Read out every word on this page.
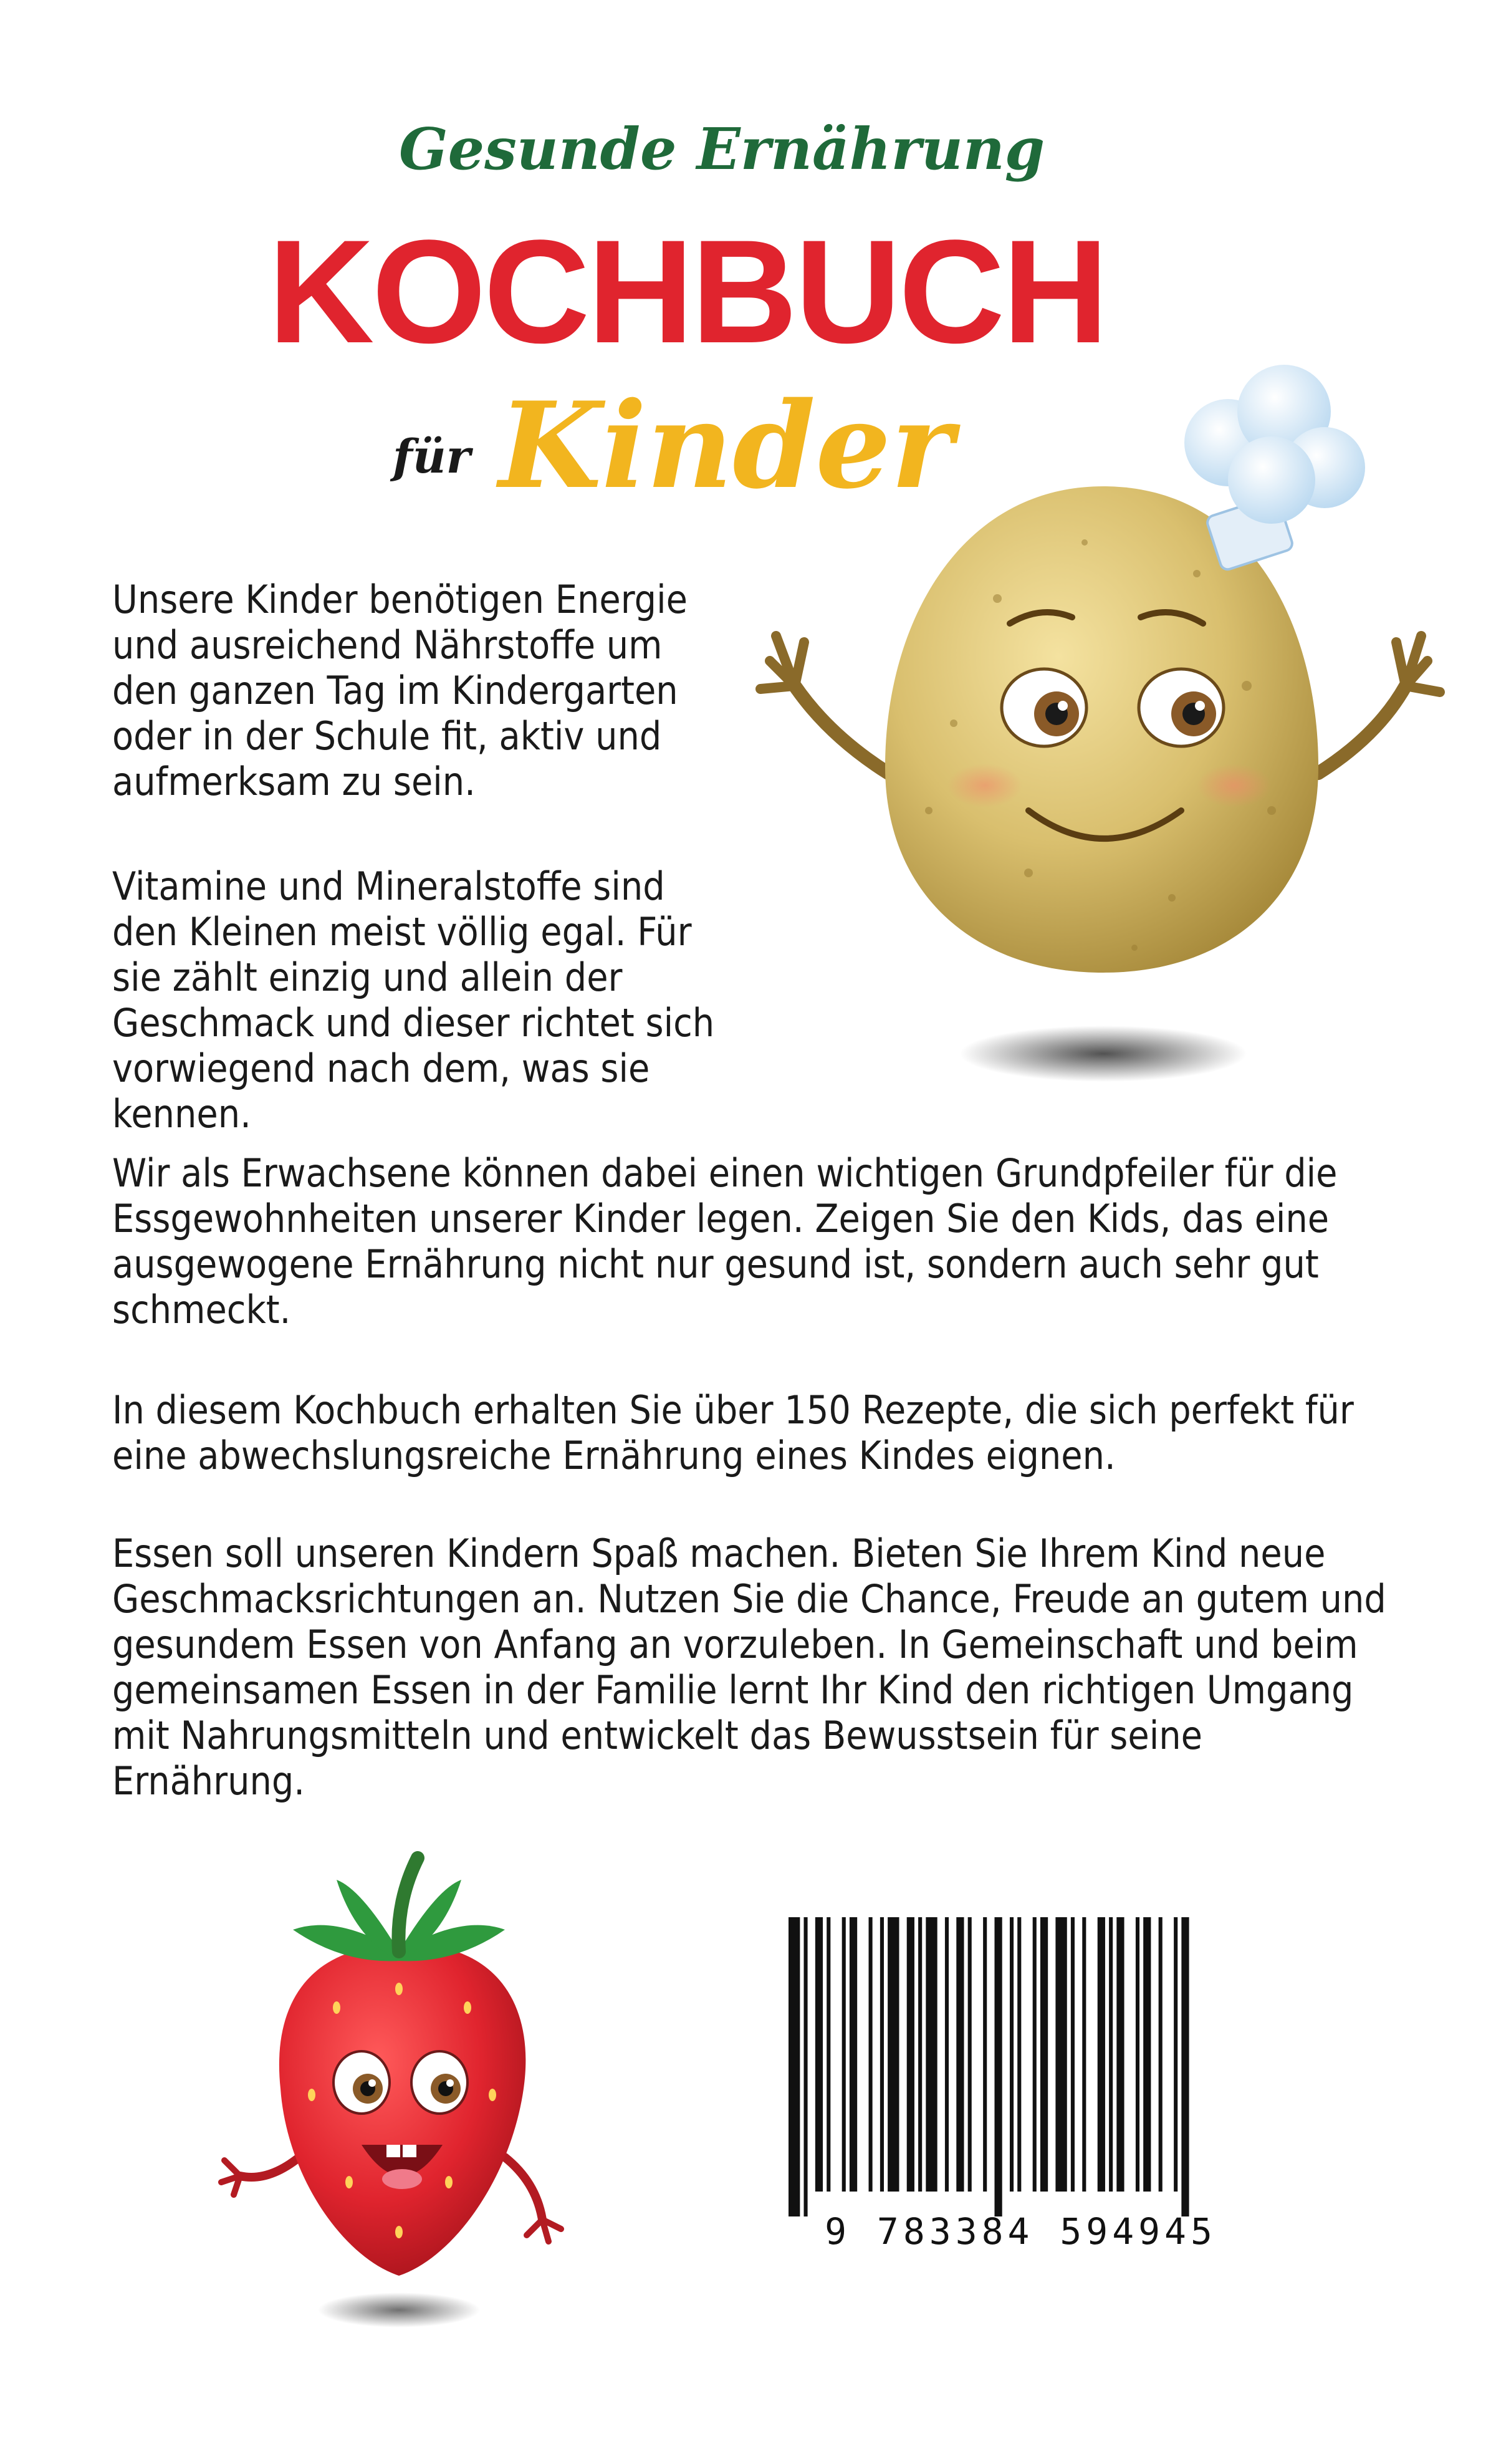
Gesunde Ernährung
KOCHBUCH
für Kinder

Unsere Kinder benötigen Energie
und ausreichend Nährstoffe um
den ganzen Tag im Kindergarten
oder in der Schule fit, aktiv und
aufmerksam zu sein.

Vitamine und Mineralstoffe sind
den Kleinen meist völlig egal. Für
sie zählt einzig und allein der
Geschmack und dieser richtet sich
vorwiegend nach dem, was sie kennen.

Wir als Erwachsene können dabei einen wichtigen Grundpfeiler für die
Essgewohnheiten unserer Kinder legen. Zeigen Sie den Kids, das eine
ausgewogene Ernährung nicht nur gesund ist, sondern auch sehr gut
schmeckt.

In diesem Kochbuch erhalten Sie über 150 Rezepte, die sich perfekt für
eine abwechslungsreiche Ernährung eines Kindes eignen.

Essen soll unseren Kindern Spaß machen. Bieten Sie Ihrem Kind neue
Geschmacksrichtungen an. Nutzen Sie die Chance, Freude an gutem und
gesundem Essen von Anfang an vorzuleben. In Gemeinschaft und beim
gemeinsamen Essen in der Familie lernt Ihr Kind den richtigen Umgang
mit Nahrungsmitteln und entwickelt das Bewusstsein für seine
Ernährung.

9 783384 594945
